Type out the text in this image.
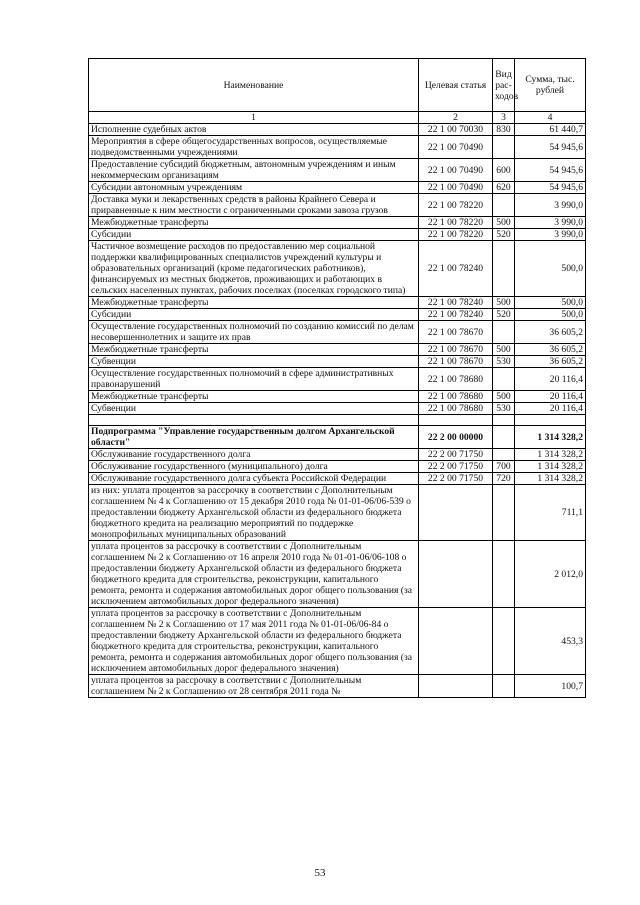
Наименование	Целевая статья	Вид рас-ходов	Сумма, тыс. рублей
1	2	3	4
Исполнение судебных актов	22 1 00 70030	830	61 440,7
Мероприятия в сфере общегосударственных вопросов, осуществляемые подведомственными учреждениями	22 1 00 70490		54 945,6
Предоставление субсидий бюджетным, автономным учреждениям и иным некоммерческим организациям	22 1 00 70490	600	54 945,6
Субсидии автономным учреждениям	22 1 00 70490	620	54 945,6
Доставка муки и лекарственных средств в районы Крайнего Севера и приравненные к ним местности с ограниченными сроками завоза грузов	22 1 00 78220		3 990,0
Межбюджетные трансферты	22 1 00 78220	500	3 990,0
Субсидии	22 1 00 78220	520	3 990,0
Частичное возмещение расходов по предоставлению мер социальной поддержки квалифицированных специалистов учреждений культуры и образовательных организаций (кроме педагогических работников), финансируемых из местных бюджетов, проживающих и работающих в сельских населенных пунктах, рабочих поселках (поселках городского типа)	22 1 00 78240		500,0
Межбюджетные трансферты	22 1 00 78240	500	500,0
Субсидии	22 1 00 78240	520	500,0
Осуществление государственных полномочий по созданию комиссий по делам несовершеннолетних и защите их прав	22 1 00 78670		36 605,2
Межбюджетные трансферты	22 1 00 78670	500	36 605,2
Субвенции	22 1 00 78670	530	36 605,2
Осуществление государственных полномочий в сфере административных правонарушений	22 1 00 78680		20 116,4
Межбюджетные трансферты	22 1 00 78680	500	20 116,4
Субвенции	22 1 00 78680	530	20 116,4

Подпрограмма "Управление государственным долгом Архангельской области"	22 2 00 00000		1 314 328,2
Обслуживание государственного долга	22 2 00 71750		1 314 328,2
Обслуживание государственного (муниципального) долга	22 2 00 71750	700	1 314 328,2
Обслуживание государственного долга субъекта Российской Федерации	22 2 00 71750	720	1 314 328,2
из них: уплата процентов за рассрочку в соответствии с Дополнительным соглашением № 4 к Соглашению от 15 декабря 2010 года № 01-01-06/06-539 о предоставлении бюджету Архангельской области из федерального бюджета бюджетного кредита на реализацию мероприятий по поддержке монопрофильных муниципальных образований			711,1
уплата процентов за рассрочку в соответствии с Дополнительным соглашением № 2 к Соглашению от 16 апреля 2010 года № 01-01-06/06-108 о предоставлении бюджету Архангельской области из федерального бюджета бюджетного кредита для строительства, реконструкции, капитального ремонта, ремонта и содержания автомобильных дорог общего пользования (за исключением автомобильных дорог федерального значения)			2 012,0
уплата процентов за рассрочку в соответствии с Дополнительным соглашением № 2 к Соглашению от 17 мая 2011 года № 01-01-06/06-84 о предоставлении бюджету Архангельской области из федерального бюджета бюджетного кредита для строительства, реконструкции, капитального ремонта, ремонта и содержания автомобильных дорог общего пользования (за исключением автомобильных дорог федерального значения)			453,3
уплата процентов за рассрочку в соответствии с Дополнительным соглашением № 2 к Соглашению от 28 сентября 2011 года №			100,7
53
